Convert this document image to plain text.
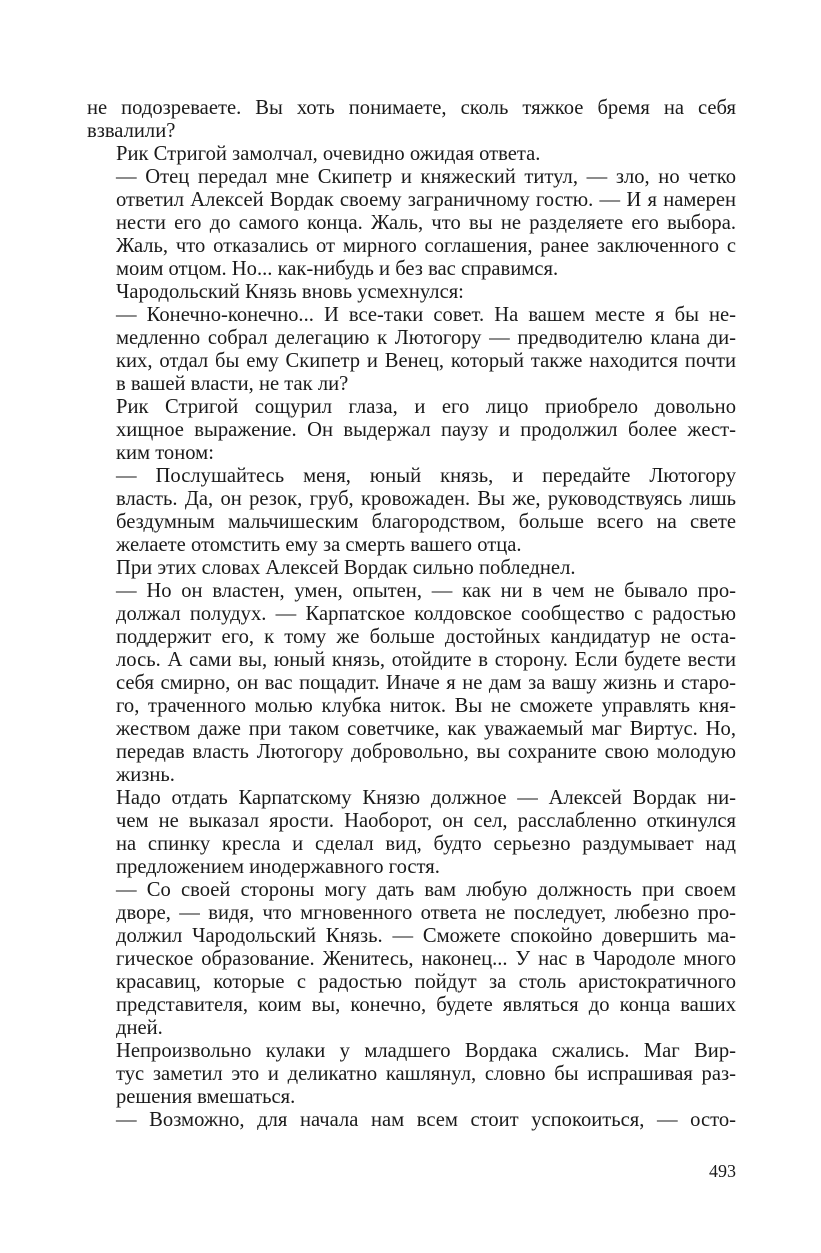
не подозреваете. Вы хоть понимаете, сколь тяжкое бремя на себя
взвалили?
Рик Стригой замолчал, очевидно ожидая ответа.
— Отец передал мне Скипетр и княжеский титул, — зло, но четко
ответил Алексей Вордак своему заграничному гостю. — И я намерен
нести его до самого конца. Жаль, что вы не разделяете его выбора.
Жаль, что отказались от мирного соглашения, ранее заключенного с
моим отцом. Но... как-нибудь и без вас справимся.
Чародольский Князь вновь усмехнулся:
— Конечно-конечно... И все-таки совет. На вашем месте я бы не-
медленно собрал делегацию к Лютогору — предводителю клана ди-
ких, отдал бы ему Скипетр и Венец, который также находится почти
в вашей власти, не так ли?
Рик Стригой сощурил глаза, и его лицо приобрело довольно
хищное выражение. Он выдержал паузу и продолжил более жест-
ким тоном:
— Послушайтесь меня, юный князь, и передайте Лютогору
власть. Да, он резок, груб, кровожаден. Вы же, руководствуясь лишь
бездумным мальчишеским благородством, больше всего на свете
желаете отомстить ему за смерть вашего отца.
При этих словах Алексей Вордак сильно побледнел.
— Но он властен, умен, опытен, — как ни в чем не бывало про-
должал полудух. — Карпатское колдовское сообщество с радостью
поддержит его, к тому же больше достойных кандидатур не оста-
лось. А сами вы, юный князь, отойдите в сторону. Если будете вести
себя смирно, он вас пощадит. Иначе я не дам за вашу жизнь и старо-
го, траченного молью клубка ниток. Вы не сможете управлять кня-
жеством даже при таком советчике, как уважаемый маг Виртус. Но,
передав власть Лютогору добровольно, вы сохраните свою молодую
жизнь.
Надо отдать Карпатскому Князю должное — Алексей Вордак ни-
чем не выказал ярости. Наоборот, он сел, расслабленно откинулся
на спинку кресла и сделал вид, будто серьезно раздумывает над
предложением инодержавного гостя.
— Со своей стороны могу дать вам любую должность при своем
дворе, — видя, что мгновенного ответа не последует, любезно про-
должил Чародольский Князь. — Сможете спокойно довершить ма-
гическое образование. Женитесь, наконец... У нас в Чародоле много
красавиц, которые с радостью пойдут за столь аристократичного
представителя, коим вы, конечно, будете являться до конца ваших
дней.
Непроизвольно кулаки у младшего Вордака сжались. Маг Вир-
тус заметил это и деликатно кашлянул, словно бы испрашивая раз-
решения вмешаться.
— Возможно, для начала нам всем стоит успокоиться, — осто-
493
